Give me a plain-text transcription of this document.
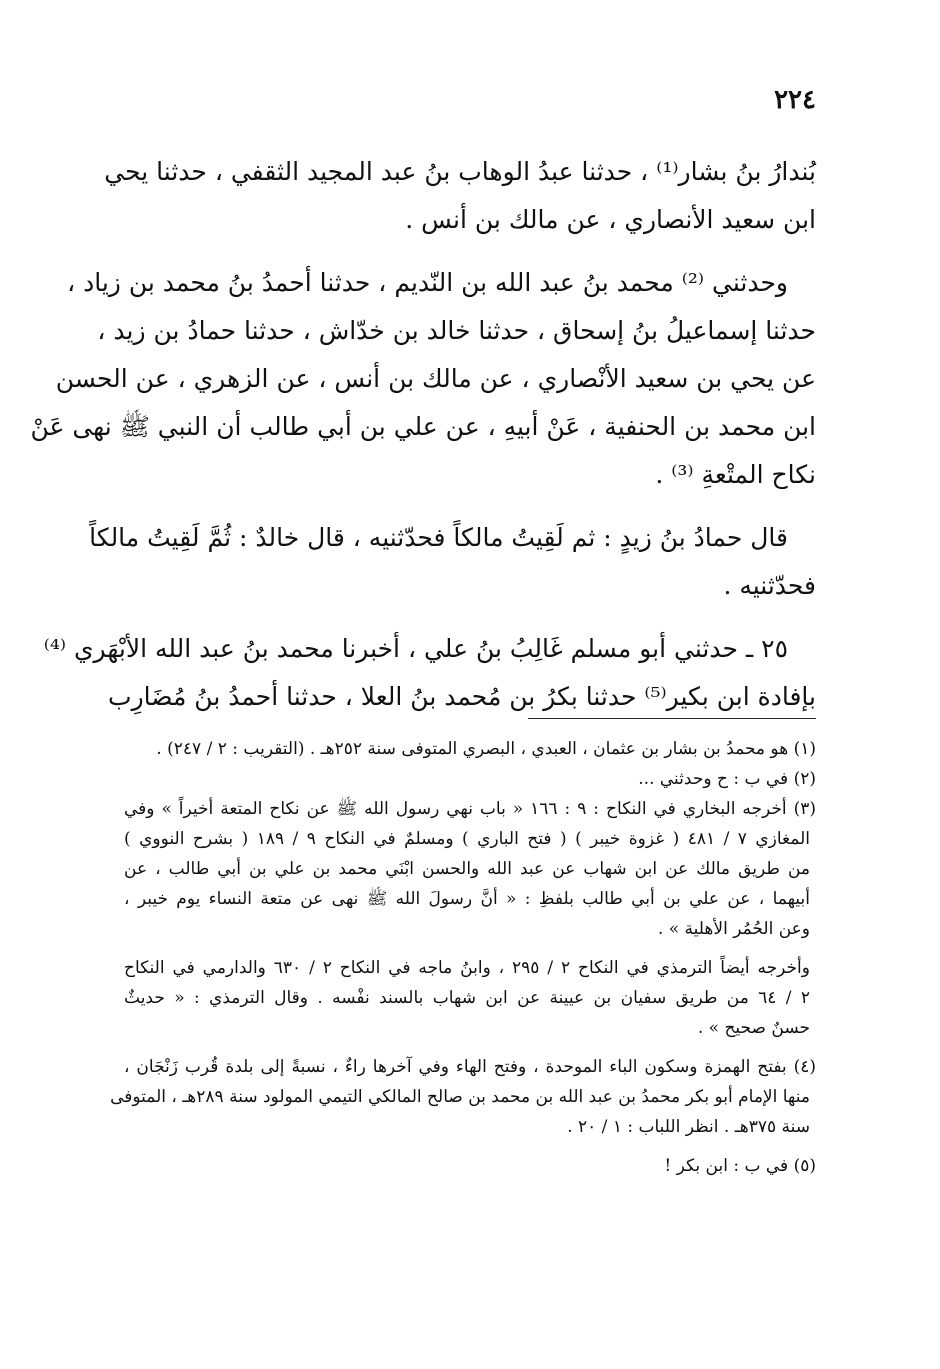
٢٢٤
بُندارُ بنُ بشار⁽¹⁾ ، حدثنا عبدُ الوهاب بنُ عبد المجيد الثقفي ، حدثنا يحي
ابن سعيد الأنصاري ، عن مالك بن أنس .
وحدثني ⁽²⁾ محمد بنُ عبد الله بن النّديم ، حدثنا أحمدُ بنُ محمد بن زياد ،
حدثنا إسماعيلُ بنُ إسحاق ، حدثنا خالد بن خدّاش ، حدثنا حمادُ بن زيد ،
عن يحي بن سعيد الأنْصاري ، عن مالك بن أنس ، عن الزهري ، عن الحسن
ابن محمد بن الحنفية ، عَنْ أبيهِ ، عن علي بن أبي طالب أن النبي ﷺ نهى عَنْ
نكاح المتْعةِ ⁽³⁾ .
قال حمادُ بنُ زيدٍ : ثم لَقِيتُ مالكاً فحدّثنيه ، قال خالدٌ : ثُمَّ لَقِيتُ مالكاً
فحدّثنيه .
٢٥ ـ حدثني أبو مسلم غَالِبُ بنُ علي ، أخبرنا محمد بنُ عبد الله الأبْهَري ⁽⁴⁾
بإفادة ابن بكير⁽⁵⁾ حدثنا بكرُ بن مُحمد بنُ العلا ، حدثنا أحمدُ بنُ مُضَارِب
(١) هو محمدُ بن بشار بن عثمان ، العبدي ، البصري المتوفى سنة ٢٥٢هـ . (التقريب : ٢ / ٢٤٧) .
(٢) في ب : ح وحدثني ...
(٣) أخرجه البخاري في النكاح : ٩ : ١٦٦ « باب نهي رسول الله ﷺ عن نكاح المتعة أخيراً » وفي
المغازي ٧ / ٤٨١ ( غزوة خيبر ) ( فتح الباري ) ومسلمٌ في النكاح ٩ / ١٨٩ ( بشرح النووي )
من طريق مالك عن ابن شهاب عن عبد الله والحسن ابْنَي محمد بن علي بن أبي طالب ، عن
أبيهما ، عن علي بن أبي طالب بلفظِ : « أنَّ رسولَ الله ﷺ نهى عن متعة النساء يوم خيبر ،
وعن الحُمُر الأهلية » .
وأخرجه أيضاً الترمذي في النكاح ٢ / ٢٩٥ ، وابنُ ماجه في النكاح ٢ / ٦٣٠ والدارمي في النكاح
٢ / ٦٤ من طريق سفيان بن عيينة عن ابن شهاب بالسند نفْسه . وقال الترمذي : « حديثٌ
حسنٌ صحيح » .
(٤) بفتح الهمزة وسكون الباء الموحدة ، وفتح الهاء وفي آخرها راءٌ ، نسبةً إلى بلدة قُرب زَنْجَان ،
منها الإمام أبو بكر محمدُ بن عبد الله بن محمد بن صالح المالكي التيمي المولود سنة ٢٨٩هـ ، المتوفى
سنة ٣٧٥هـ . انظر اللباب : ١ / ٢٠ .
(٥) في ب : ابن بكر !
